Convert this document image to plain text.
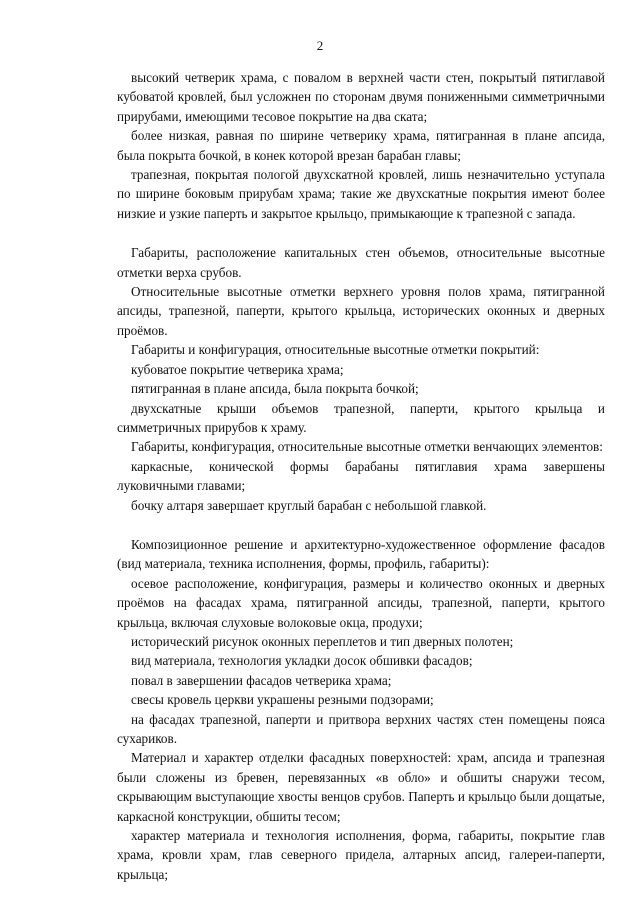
2

высокий четверик храма, с повалом в верхней части стен, покрытый пятиглавой кубоватой кровлей, был усложнен по сторонам двумя пониженными симметричными прирубами, имеющими тесовое покрытие на два ската;

более низкая, равная по ширине четверику храма, пятигранная в плане апсида, была покрыта бочкой, в конек которой врезан барабан главы;

трапезная, покрытая пологой двухскатной кровлей, лишь незначительно уступала по ширине боковым прирубам храма; такие же двухскатные покрытия имеют более низкие и узкие паперть и закрытое крыльцо, примыкающие к трапезной с запада.

Габариты, расположение капитальных стен объемов, относительные высотные отметки верха срубов.

Относительные высотные отметки верхнего уровня полов храма, пятигранной апсиды, трапезной, паперти, крытого крыльца, исторических оконных и дверных проёмов.

Габариты и конфигурация, относительные высотные отметки покрытий:

кубоватое покрытие четверика храма;

пятигранная в плане апсида, была покрыта бочкой;

двухскатные крыши объемов трапезной, паперти, крытого крыльца и симметричных прирубов к храму.

Габариты, конфигурация, относительные высотные отметки венчающих элементов:

каркасные, конической формы барабаны пятиглавия храма завершены луковичными главами;

бочку алтаря завершает круглый барабан с небольшой главкой.

Композиционное решение и архитектурно-художественное оформление фасадов (вид материала, техника исполнения, формы, профиль, габариты):

осевое расположение, конфигурация, размеры и количество оконных и дверных проёмов на фасадах храма, пятигранной апсиды, трапезной, паперти, крытого крыльца, включая слуховые волоковые окца, продухи;

исторический рисунок оконных переплетов и тип дверных полотен;

вид материала, технология укладки досок обшивки фасадов;

повал в завершении фасадов четверика храма;

свесы кровель церкви украшены резными подзорами;

на фасадах трапезной, паперти и притвора верхних частях стен помещены пояса сухариков.

Материал и характер отделки фасадных поверхностей: храм, апсида и трапезная были сложены из бревен, перевязанных «в обло» и обшиты снаружи тесом, скрывающим выступающие хвосты венцов срубов. Паперть и крыльцо были дощатые, каркасной конструкции, обшиты тесом;

характер материала и технология исполнения, форма, габариты, покрытие глав храма, кровли храм, глав северного придела, алтарных апсид, галереи-паперти, крыльца;
